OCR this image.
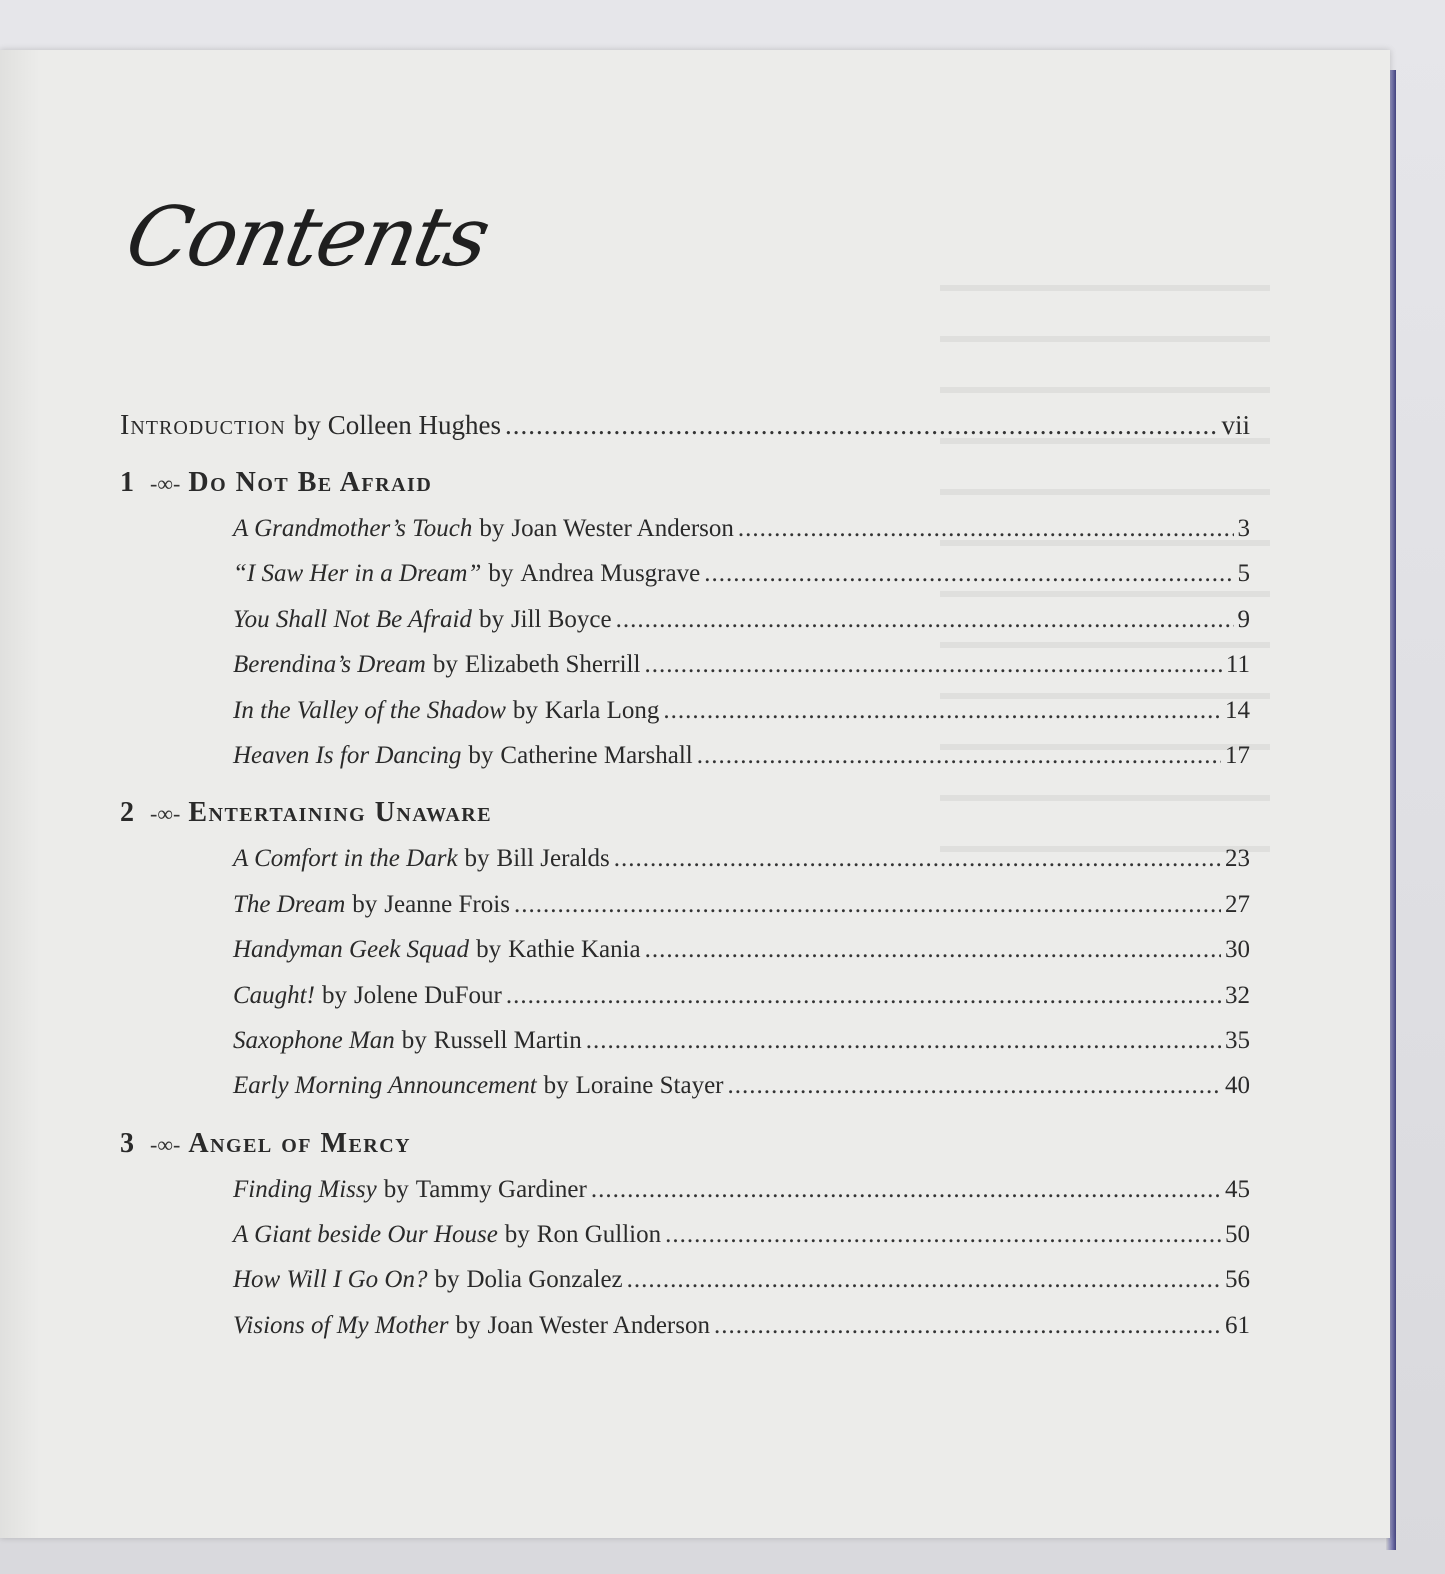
Contents
Introduction by Colleen Hughes .....	vii
1 -∞- Do Not Be Afraid
A Grandmother’s Touch by Joan Wester Anderson .....	3
“I Saw Her in a Dream” by Andrea Musgrave .....	5
You Shall Not Be Afraid by Jill Boyce .....	9
Berendina’s Dream by Elizabeth Sherrill .....	11
In the Valley of the Shadow by Karla Long .....	14
Heaven Is for Dancing by Catherine Marshall .....	17
2 -∞- Entertaining Unaware
A Comfort in the Dark by Bill Jeralds .....	23
The Dream by Jeanne Frois .....	27
Handyman Geek Squad by Kathie Kania .....	30
Caught! by Jolene DuFour .....	32
Saxophone Man by Russell Martin .....	35
Early Morning Announcement by Loraine Stayer .....	40
3 -∞- Angel of Mercy
Finding Missy by Tammy Gardiner .....	45
A Giant beside Our House by Ron Gullion .....	50
How Will I Go On? by Dolia Gonzalez .....	56
Visions of My Mother by Joan Wester Anderson .....	61
